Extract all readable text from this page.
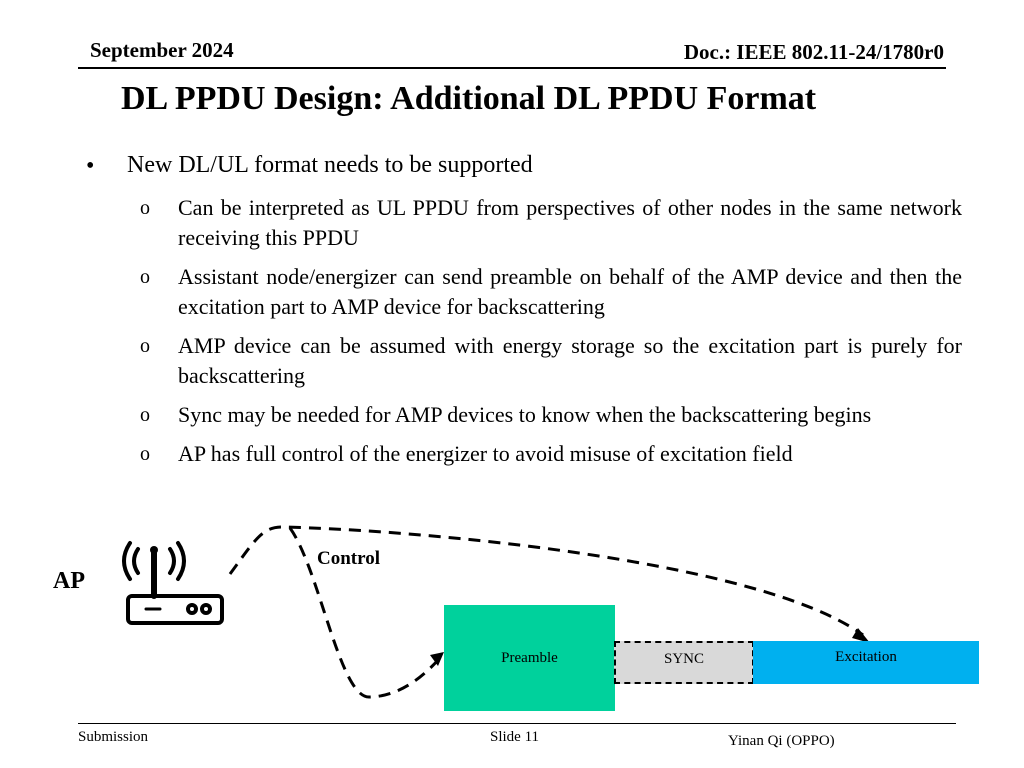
September 2024	Doc.: IEEE 802.11-24/1780r0
DL PPDU Design: Additional DL PPDU Format
• New DL/UL format needs to be supported
o Can be interpreted as UL PPDU from perspectives of other nodes in the same network receiving this PPDU
o Assistant node/energizer can send preamble on behalf of the AMP device and then the excitation part to AMP device for backscattering
o AMP device can be assumed with energy storage so the excitation part is purely for backscattering
o Sync may be needed for AMP devices to know when the backscattering begins
o AP has full control of the energizer to avoid misuse of excitation field
AP
Control
Preamble	SYNC	Excitation
Submission	Slide 11	Yinan Qi (OPPO)
